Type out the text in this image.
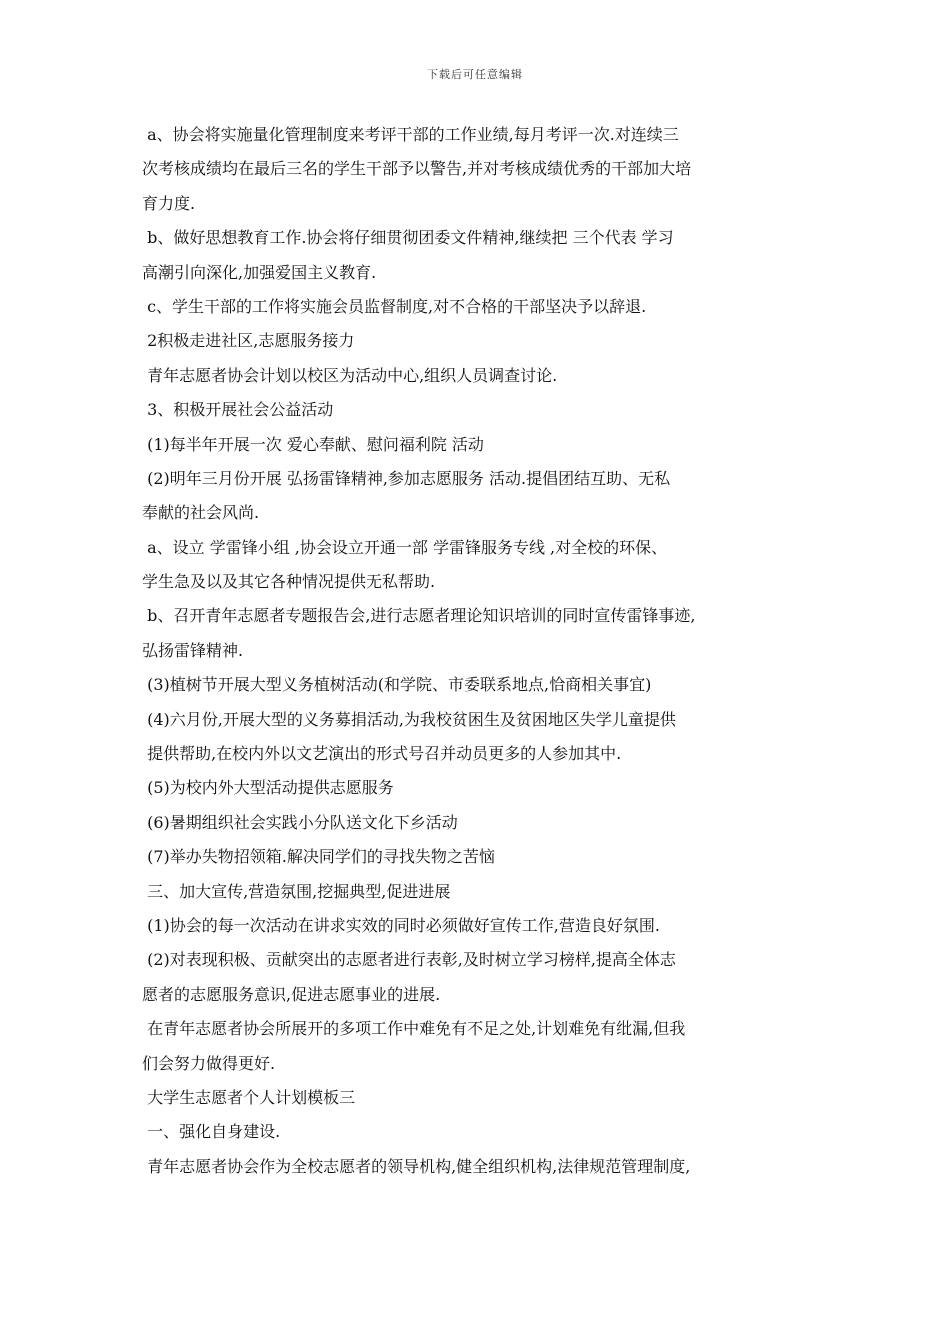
下载后可任意编辑
a、协会将实施量化管理制度来考评干部的工作业绩,每月考评一次.对连续三
次考核成绩均在最后三名的学生干部予以警告,并对考核成绩优秀的干部加大培
育力度.
b、做好思想教育工作.协会将仔细贯彻团委文件精神,继续把 三个代表 学习
高潮引向深化,加强爱国主义教育.
c、学生干部的工作将实施会员监督制度,对不合格的干部坚决予以辞退.
2积极走进社区,志愿服务接力
青年志愿者协会计划以校区为活动中心,组织人员调查讨论.
3、积极开展社会公益活动
(1)每半年开展一次 爱心奉献、慰问福利院 活动
(2)明年三月份开展 弘扬雷锋精神,参加志愿服务 活动.提倡团结互助、无私
奉献的社会风尚.
a、设立 学雷锋小组 ,协会设立开通一部 学雷锋服务专线 ,对全校的环保、
学生急及以及其它各种情况提供无私帮助.
b、召开青年志愿者专题报告会,进行志愿者理论知识培训的同时宣传雷锋事迹,
弘扬雷锋精神.
(3)植树节开展大型义务植树活动(和学院、市委联系地点,恰商相关事宜)
(4)六月份,开展大型的义务募捐活动,为我校贫困生及贫困地区失学儿童提供
提供帮助,在校内外以文艺演出的形式号召并动员更多的人参加其中.
(5)为校内外大型活动提供志愿服务
(6)暑期组织社会实践小分队送文化下乡活动
(7)举办失物招领箱.解决同学们的寻找失物之苦恼
三、加大宣传,营造氛围,挖掘典型,促进进展
(1)协会的每一次活动在讲求实效的同时必须做好宣传工作,营造良好氛围.
(2)对表现积极、贡献突出的志愿者进行表彰,及时树立学习榜样,提高全体志
愿者的志愿服务意识,促进志愿事业的进展.
在青年志愿者协会所展开的多项工作中难免有不足之处,计划难免有纰漏,但我
们会努力做得更好.
大学生志愿者个人计划模板三
一、强化自身建设.
青年志愿者协会作为全校志愿者的领导机构,健全组织机构,法律规范管理制度,
